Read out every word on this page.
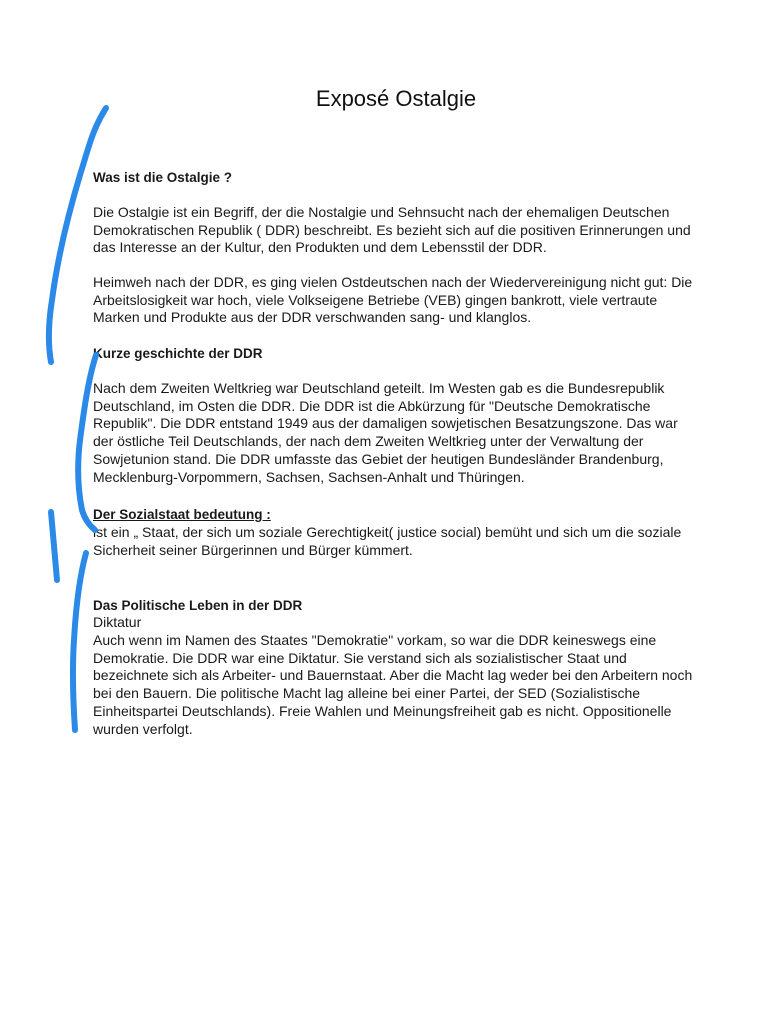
Exposé Ostalgie

Was ist die Ostalgie ?

Die Ostalgie ist ein Begriff, der die Nostalgie und Sehnsucht nach der ehemaligen Deutschen Demokratischen Republik ( DDR) beschreibt. Es bezieht sich auf die positiven Erinnerungen und das Interesse an der Kultur, den Produkten und dem Lebensstil der DDR.

Heimweh nach der DDR, es ging vielen Ostdeutschen nach der Wiedervereinigung nicht gut: Die Arbeitslosigkeit war hoch, viele Volkseigene Betriebe (VEB) gingen bankrott, viele vertraute Marken und Produkte aus der DDR verschwanden sang- und klanglos.

Kurze geschichte der DDR

Nach dem Zweiten Weltkrieg war Deutschland geteilt. Im Westen gab es die Bundesrepublik Deutschland, im Osten die DDR. Die DDR ist die Abkürzung für "Deutsche Demokratische Republik". Die DDR entstand 1949 aus der damaligen sowjetischen Besatzungszone. Das war der östliche Teil Deutschlands, der nach dem Zweiten Weltkrieg unter der Verwaltung der Sowjetunion stand. Die DDR umfasste das Gebiet der heutigen Bundesländer Brandenburg, Mecklenburg-Vorpommern, Sachsen, Sachsen-Anhalt und Thüringen.

Der Sozialstaat bedeutung :

ist ein „ Staat, der sich um soziale Gerechtigkeit( justice social) bemüht und sich um die soziale Sicherheit seiner Bürgerinnen und Bürger kümmert.

Das Politische Leben in der DDR

Diktatur

Auch wenn im Namen des Staates "Demokratie" vorkam, so war die DDR keineswegs eine Demokratie. Die DDR war eine Diktatur. Sie verstand sich als sozialistischer Staat und bezeichnete sich als Arbeiter- und Bauernstaat. Aber die Macht lag weder bei den Arbeitern noch bei den Bauern. Die politische Macht lag alleine bei einer Partei, der SED (Sozialistische Einheitspartei Deutschlands). Freie Wahlen und Meinungsfreiheit gab es nicht. Oppositionelle wurden verfolgt.
